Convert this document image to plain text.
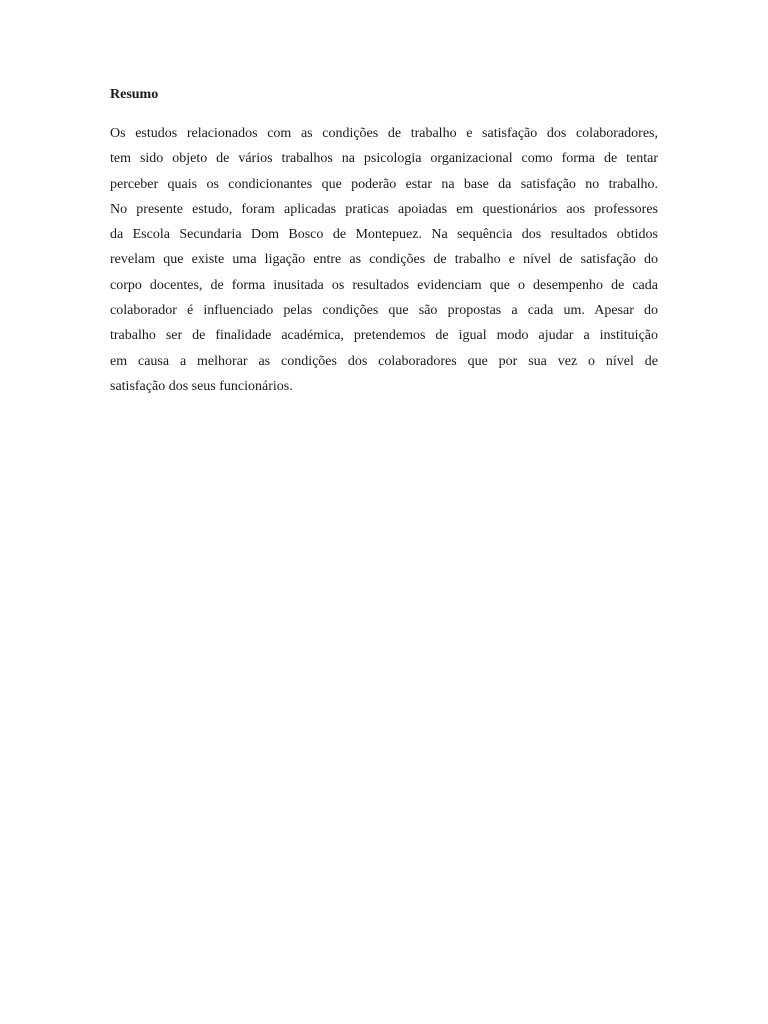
Resumo
Os estudos relacionados com as condições de trabalho e satisfação dos colaboradores,
tem sido objeto de vários trabalhos na psicologia organizacional como forma de tentar
perceber quais os condicionantes que poderão estar na base da satisfação no trabalho.
No presente estudo, foram aplicadas praticas apoiadas em questionários aos professores
da Escola Secundaria Dom Bosco de Montepuez. Na sequência dos resultados obtidos
revelam que existe uma ligação entre as condições de trabalho e nível de satisfação do
corpo docentes, de forma inusitada os resultados evidenciam que o desempenho de cada
colaborador é influenciado pelas condições que são propostas a cada um. Apesar do
trabalho ser de finalidade académica, pretendemos de igual modo ajudar a instituição
em causa a melhorar as condições dos colaboradores que por sua vez o nível de
satisfação dos seus funcionários.
